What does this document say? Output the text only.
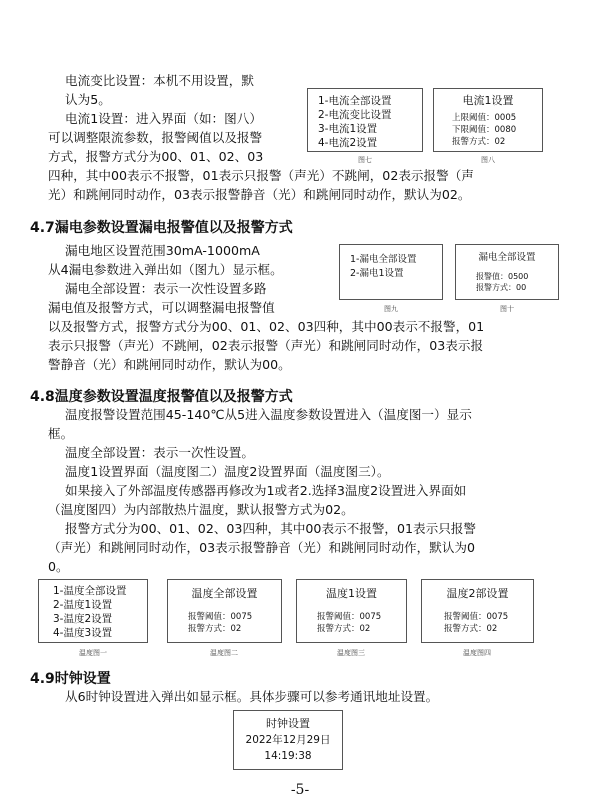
电流变比设置：本机不用设置，默
认为5。
电流1设置：进入界面（如：图八）
可以调整限流参数，报警阈值以及报警
方式，报警方式分为00、01、02、03
四种，其中00表示不报警，01表示只报警（声光）不跳闸，02表示报警（声
光）和跳闸同时动作，03表示报警静音（光）和跳闸同时动作，默认为02。
1-电流全部设置
2-电流变比设置
3-电流1设置
4-电流2设置
图七
电流1设置
上限阈值：0005
下限阈值：0080
报警方式：02
图八
4.7漏电参数设置漏电报警值以及报警方式
漏电地区设置范围30mA-1000mA
从4漏电参数进入弹出如（图九）显示框。
漏电全部设置：表示一次性设置多路
漏电值及报警方式，可以调整漏电报警值
以及报警方式，报警方式分为00、01、02、03四种，其中00表示不报警，01
表示只报警（声光）不跳闸，02表示报警（声光）和跳闸同时动作，03表示报
警静音（光）和跳闸同时动作，默认为00。
1-漏电全部设置
2-漏电1设置
图九
漏电全部设置
报警值：0500
报警方式：00
图十
4.8温度参数设置温度报警值以及报警方式
温度报警设置范围45-140℃从5进入温度参数设置进入（温度图一）显示
框。
温度全部设置：表示一次性设置。
温度1设置界面（温度图二）温度2设置界面（温度图三）。
如果接入了外部温度传感器再修改为1或者2.选择3温度2设置进入界面如
（温度图四）为内部散热片温度，默认报警方式为02。
报警方式分为00、01、02、03四种，其中00表示不报警，01表示只报警
（声光）和跳闸同时动作，03表示报警静音（光）和跳闸同时动作，默认为0
0。
1-温度全部设置
2-温度1设置
3-温度2设置
4-温度3设置
温度图一
温度全部设置
报警阈值：0075
报警方式：02
温度图二
温度1设置
报警阈值：0075
报警方式：02
温度图三
温度2部设置
报警阈值：0075
报警方式：02
温度图四
4.9时钟设置
从6时钟设置进入弹出如显示框。具体步骤可以参考通讯地址设置。
时钟设置
2022年12月29日
14:19:38
-5-
